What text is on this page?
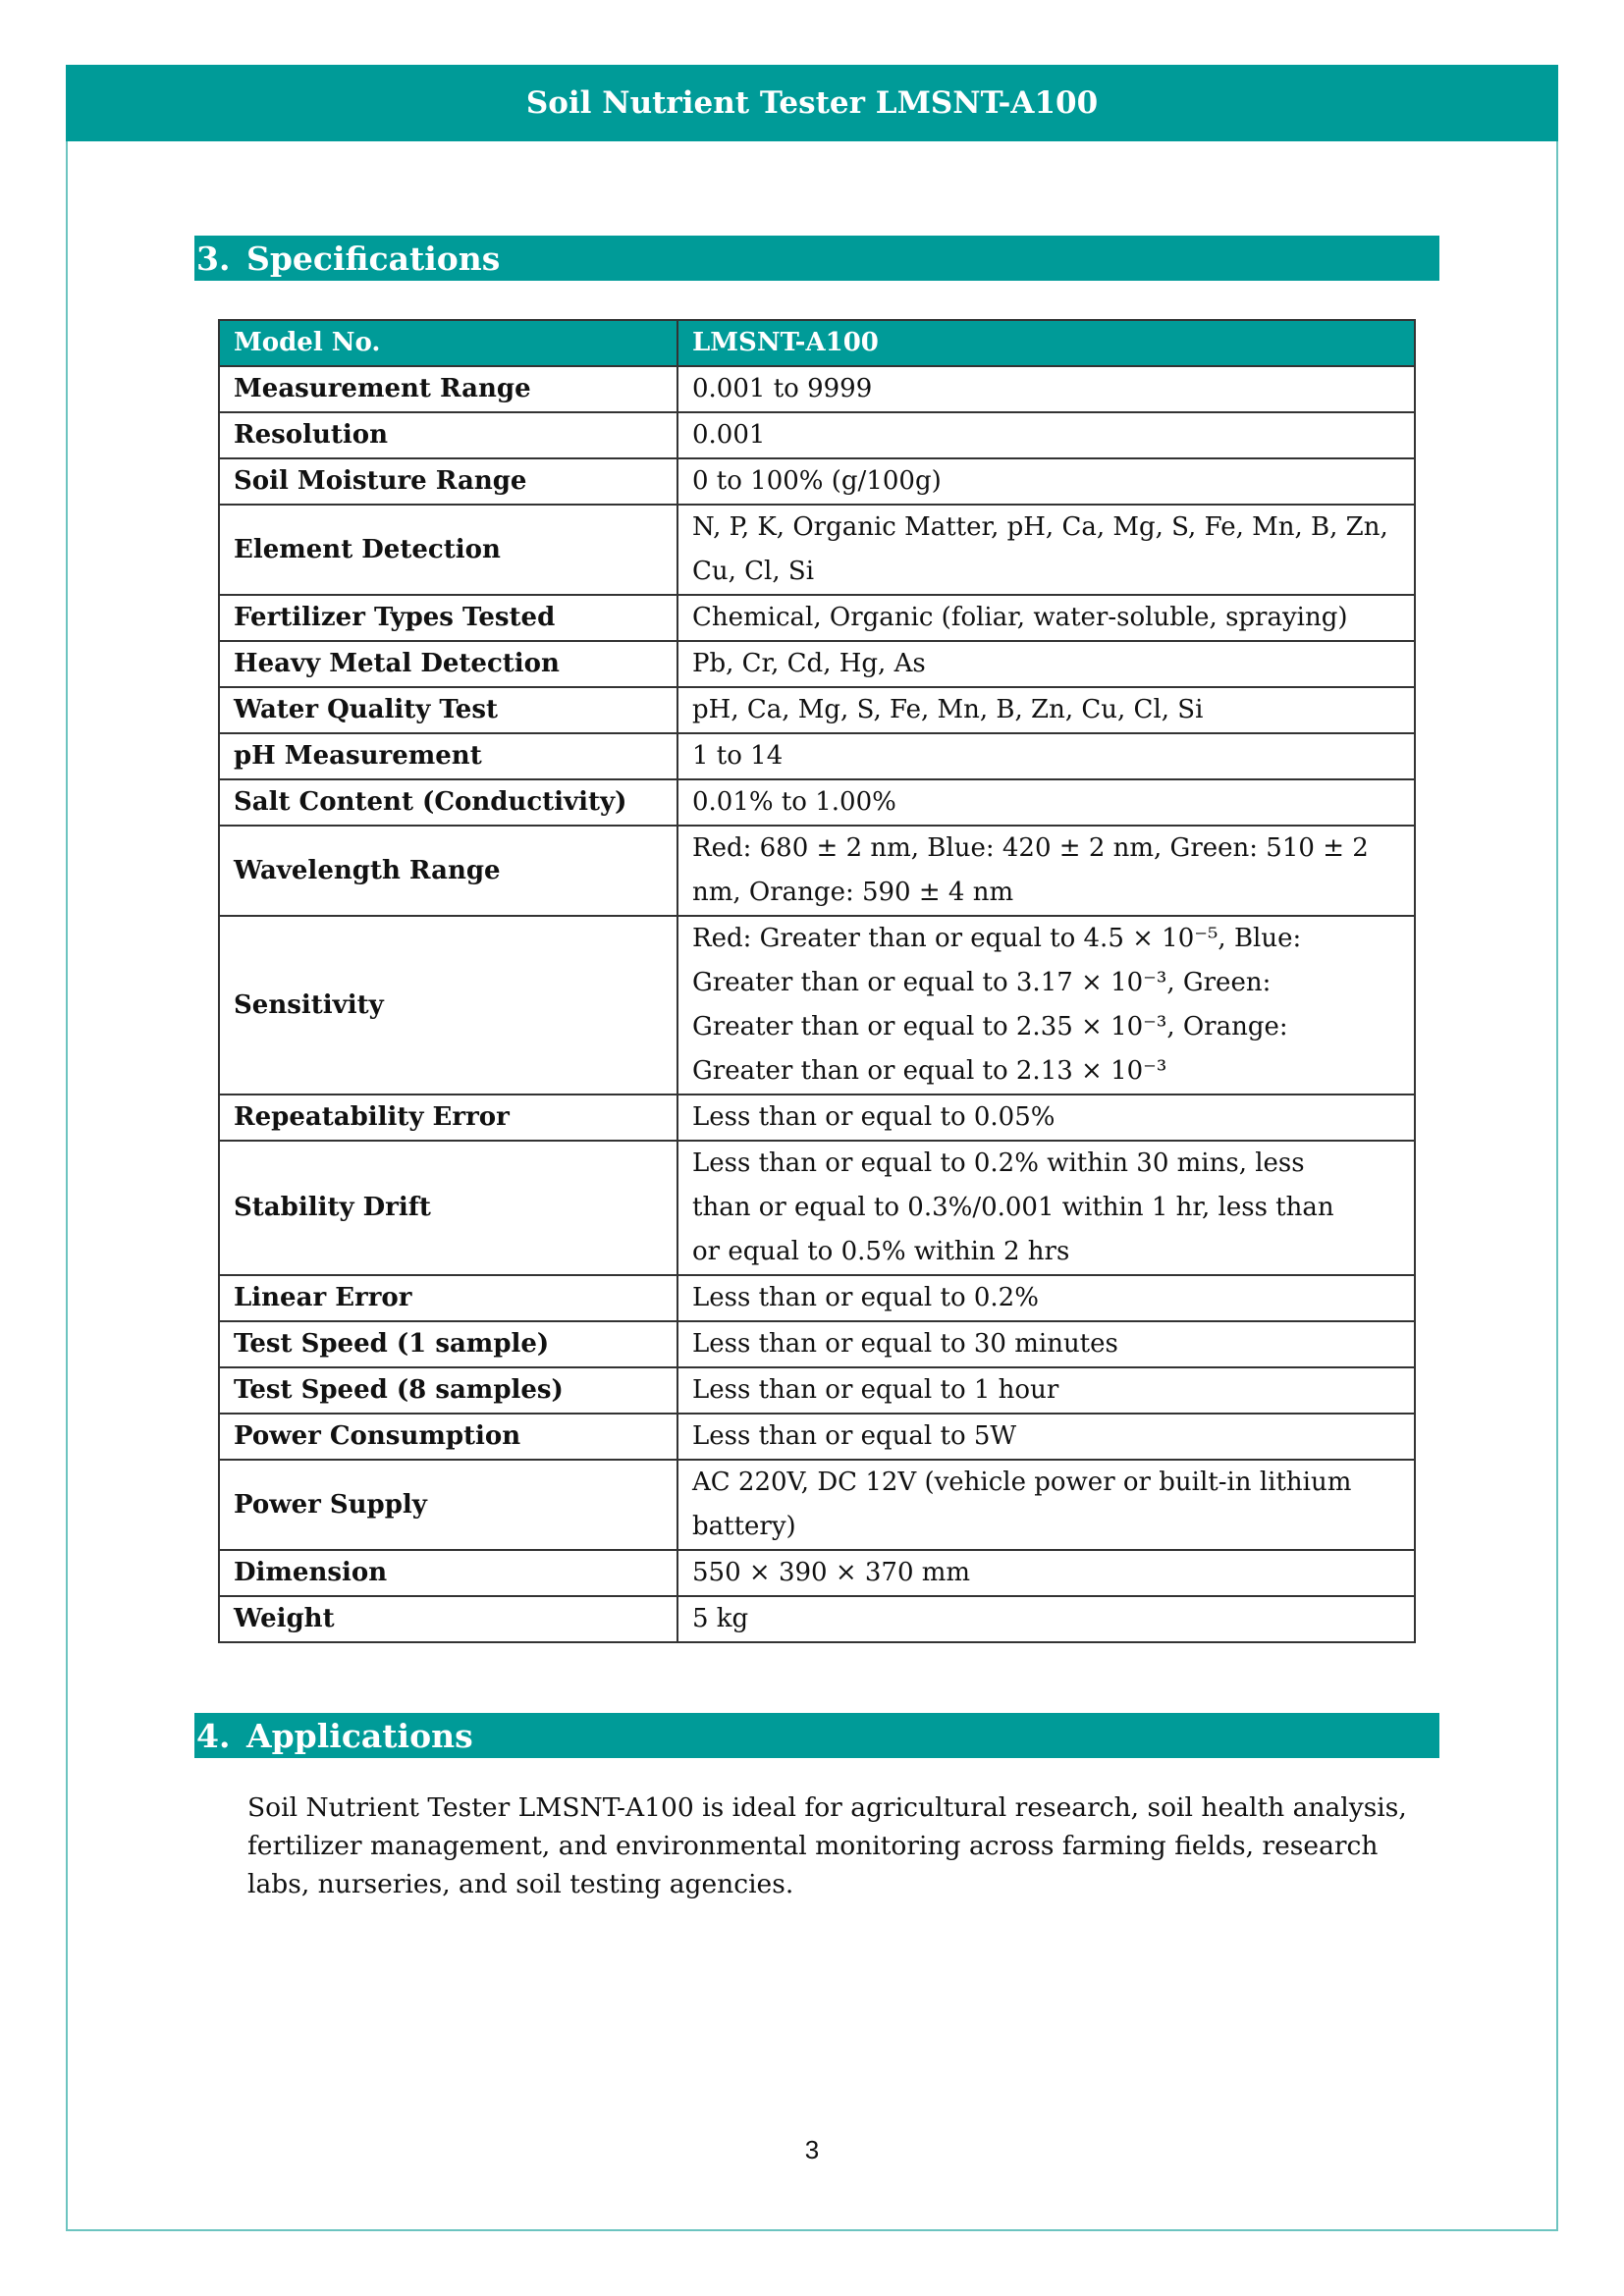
Soil Nutrient Tester LMSNT-A100
3. Specifications
Model No.	LMSNT-A100
Measurement Range	0.001 to 9999

Resolution	0.001

Soil Moisture Range	0 to 100% (g/100g)

Element Detection	N, P, K, Organic Matter, pH, Ca, Mg, S, Fe, Mn, B, Zn,
Cu, Cl, Si

Fertilizer Types Tested	Chemical, Organic (foliar, water-soluble, spraying)

Heavy Metal Detection	Pb, Cr, Cd, Hg, As

Water Quality Test	pH, Ca, Mg, S, Fe, Mn, B, Zn, Cu, Cl, Si

pH Measurement	1 to 14

Salt Content (Conductivity)	0.01% to 1.00%

Wavelength Range	Red: 680 ± 2 nm, Blue: 420 ± 2 nm, Green: 510 ± 2
nm, Orange: 590 ± 4 nm

Sensitivity	Red: Greater than or equal to 4.5 × 10⁻⁵, Blue:
Greater than or equal to 3.17 × 10⁻³, Green:
Greater than or equal to 2.35 × 10⁻³, Orange:
Greater than or equal to 2.13 × 10⁻³

Repeatability Error	Less than or equal to 0.05%

Stability Drift	Less than or equal to 0.2% within 30 mins, less
than or equal to 0.3%/0.001 within 1 hr, less than
or equal to 0.5% within 2 hrs

Linear Error	Less than or equal to 0.2%

Test Speed (1 sample)	Less than or equal to 30 minutes

Test Speed (8 samples)	Less than or equal to 1 hour

Power Consumption	Less than or equal to 5W

Power Supply	AC 220V, DC 12V (vehicle power or built-in lithium
battery)

Dimension	550 × 390 × 370 mm

Weight	5 kg
4. Applications
Soil Nutrient Tester LMSNT-A100 is ideal for agricultural research, soil health analysis,
fertilizer management, and environmental monitoring across farming fields, research
labs, nurseries, and soil testing agencies.
3
